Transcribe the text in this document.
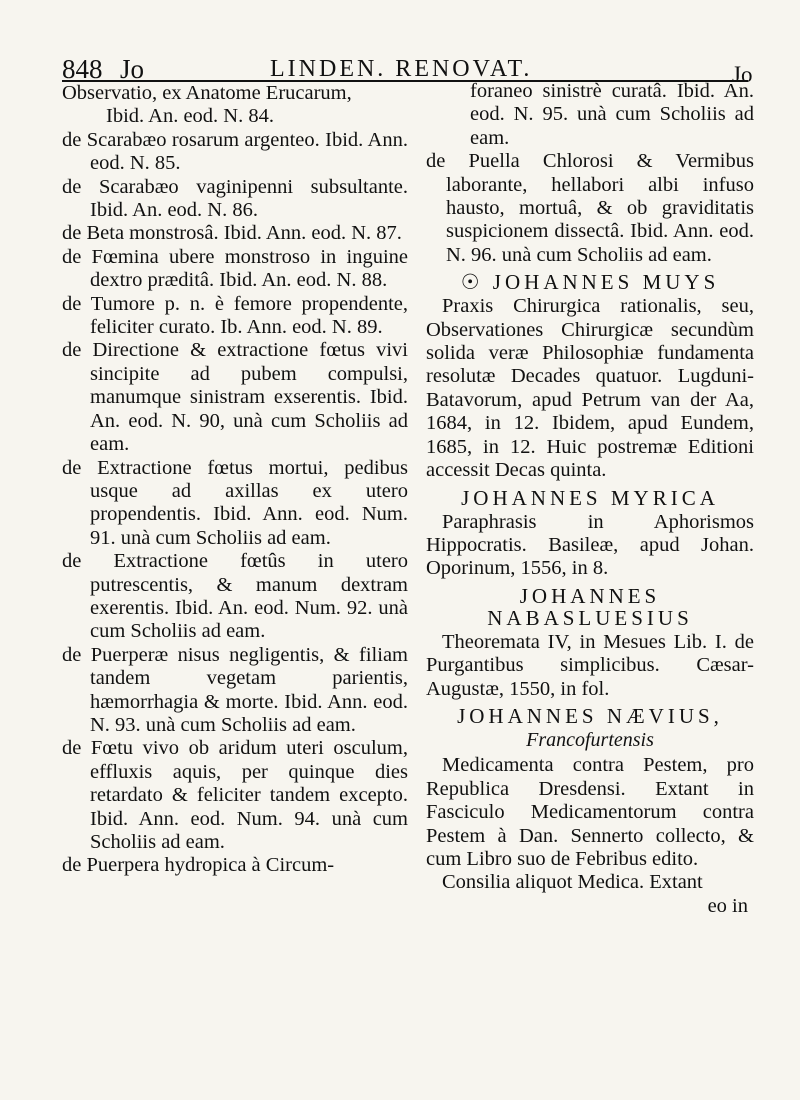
848 Jo	LINDEN. RENOVAT.	Jo
Observatio, ex Anatome Erucarum,
Ibid. An. eod. N. 84.
de Scarabæo rosarum argenteo. Ibid. Ann. eod. N. 85.
de Scarabæo vaginipenni subsultante. Ibid. An. eod. N. 86.
de Beta monstrosâ. Ibid. Ann. eod. N. 87.
de Fœmina ubere monstroso in inguine dextro præditâ. Ibid. An. eod. N. 88.
de Tumore p. n. è femore propendente, feliciter curato. Ib. Ann. eod. N. 89.
de Directione & extractione fœtus vivi sincipite ad pubem compulsi, manumque sinistram exserentis. Ibid. An. eod. N. 90, unà cum Scholiis ad eam.
de Extractione fœtus mortui, pedibus usque ad axillas ex utero propendentis. Ibid. Ann. eod. Num. 91. unà cum Scholiis ad eam.
de Extractione fœtûs in utero putrescentis, & manum dextram exerentis. Ibid. An. eod. Num. 92. unà cum Scholiis ad eam.
de Puerperæ nisus negligentis, & filiam tandem vegetam parientis, hæmorrhagia & morte. Ibid. Ann. eod. N. 93. unà cum Scholiis ad eam.
de Fœtu vivo ob aridum uteri osculum, effluxis aquis, per quinque dies retardato & feliciter tandem excepto. Ibid. Ann. eod. Num. 94. unà cum Scholiis ad eam.
de Puerpera hydropica à Circum-
foraneo sinistrè curatâ. Ibid. An. eod. N. 95. unà cum Scholiis ad eam.
de Puella Chlorosi & Vermibus laborante, hellabori albi infuso hausto, mortuâ, & ob graviditatis suspicionem dissectâ. Ibid. Ann. eod. N. 96. unà cum Scholiis ad eam.
☉ JOHANNES MUYS
Praxis Chirurgica rationalis, seu, Observationes Chirurgicæ secundùm solida veræ Philosophiæ fundamenta resolutæ Decades quatuor. Lugduni-Batavorum, apud Petrum van der Aa, 1684, in 12. Ibidem, apud Eundem, 1685, in 12. Huic postremæ Editioni accessit Decas quinta.
JOHANNES MYRICA
Paraphrasis in Aphorismos Hippocratis. Basileæ, apud Johan. Oporinum, 1556, in 8.
JOHANNES NABASLUESIUS
Theoremata IV, in Mesues Lib. I. de Purgantibus simplicibus. Cæsar-Augustæ, 1550, in fol.
JOHANNES NÆVIUS,
Francofurtensis
Medicamenta contra Pestem, pro Republica Dresdensi. Extant in Fasciculo Medicamentorum contra Pestem à Dan. Sennerto collecto, & cum Libro suo de Febribus edito.
Consilia aliquot Medica. Extant
eo in
